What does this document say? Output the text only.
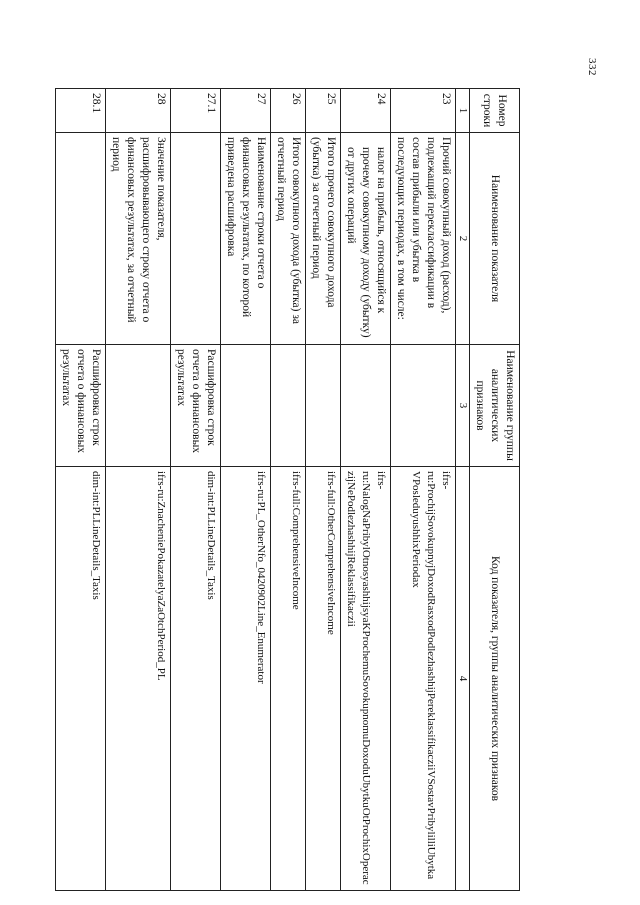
332
Номер строки	Наименование показателя	Наименование группы аналитических признаков	Код показателя, группы аналитических признаков
1	2	3	4
23	Прочий совокупный доход (расход), подлежащий переклассификации в состав прибыли или убытка в последующих периодах, в том числе:		ifrs-ru:ProchijSovokupnyjDoxodRasxodPodlezhashhijPereklassifikacziiVSostavPribylilliUbytkaVPosleduyushhixPeriodax
24	налог на прибыль, относящийся к прочему совокупному доходу (убытку) от других операций		ifrs-ru:NalogNaPribylOtnosyashhijsyaKProchemuSovokupnomuDoxoduUbytkuOtProchixOperaczijNePodlezhashhijReklassifikaczii
25	Итого прочего совокупного дохода (убытка) за отчетный период		ifrs-full:OtherComprehensiveIncome
26	Итого совокупного дохода (убытка) за отчетный период		ifrs-full:ComprehensiveIncome
27	Наименование строки отчета о финансовых результатах, по которой приведена расшифровка		ifrs-ru:PL_OtherNfo_0420902Line_Enumerator
27.1		Расшифровка строк отчета о финансовых результатах	dim-int:PLLineDetails_Taxis
28	Значение показателя, расшифровывающего строку отчета о финансовых результатах, за отчетный период		ifrs-ru:ZnacheniePokazatelyaZaOtchPeriod_PL
28.1		Расшифровка строк отчета о финансовых результатах	dim-int:PLLineDetails_Taxis
